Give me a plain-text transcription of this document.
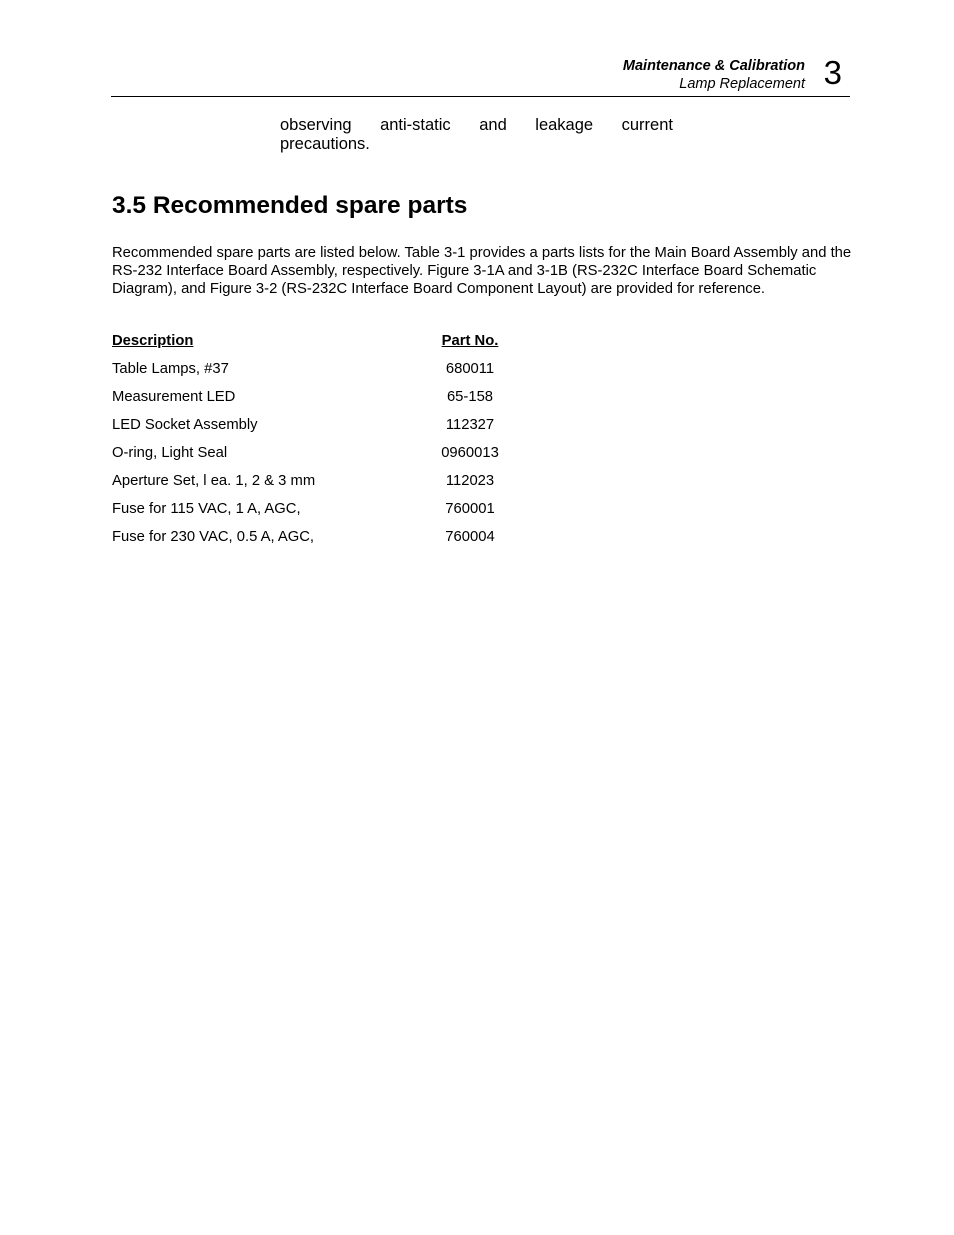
Maintenance & Calibration
Lamp Replacement 3
observing anti-static and leakage current
precautions.
3.5 Recommended spare parts

Recommended spare parts are listed below. Table 3-1 provides a parts lists for the Main Board Assembly and the RS-232 Interface Board Assembly, respectively. Figure 3-1A and 3-1B (RS-232C Interface Board Schematic Diagram), and Figure 3-2 (RS-232C Interface Board Component Layout) are provided for reference.

Description	Part No.
Table Lamps, #37	680011
Measurement LED	65-158
LED Socket Assembly	112327
O-ring, Light Seal	0960013
Aperture Set, l ea. 1, 2 & 3 mm	112023
Fuse for 115 VAC, 1 A, AGC,	760001
Fuse for 230 VAC, 0.5 A, AGC,	760004
